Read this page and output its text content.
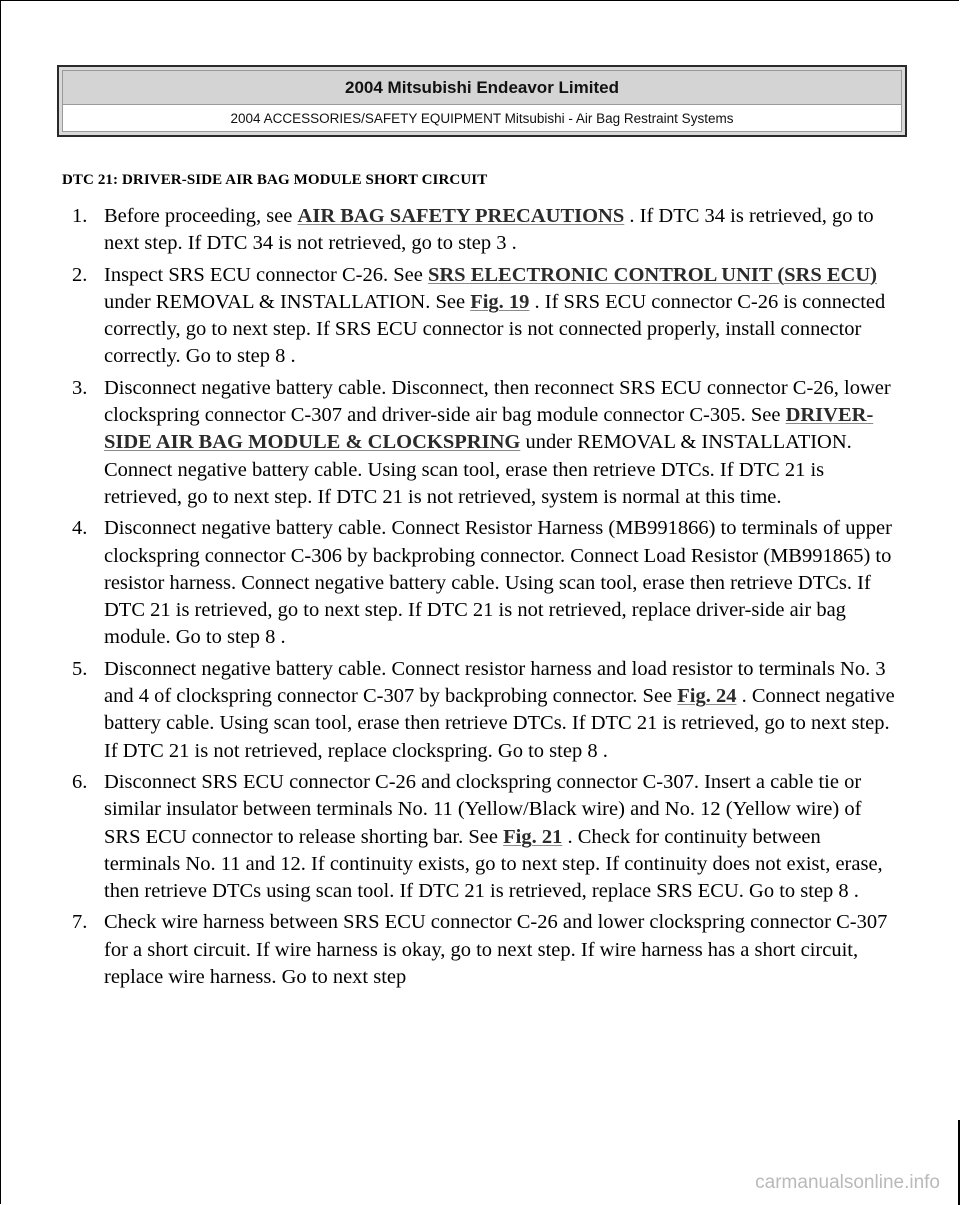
2004 Mitsubishi Endeavor Limited
2004 ACCESSORIES/SAFETY EQUIPMENT Mitsubishi - Air Bag Restraint Systems
DTC 21: DRIVER-SIDE AIR BAG MODULE SHORT CIRCUIT
1. Before proceeding, see AIR BAG SAFETY PRECAUTIONS . If DTC 34 is retrieved, go to next step. If DTC 34 is not retrieved, go to step 3 .
2. Inspect SRS ECU connector C-26. See SRS ELECTRONIC CONTROL UNIT (SRS ECU) under REMOVAL & INSTALLATION. See Fig. 19 . If SRS ECU connector C-26 is connected correctly, go to next step. If SRS ECU connector is not connected properly, install connector correctly. Go to step 8 .
3. Disconnect negative battery cable. Disconnect, then reconnect SRS ECU connector C-26, lower clockspring connector C-307 and driver-side air bag module connector C-305. See DRIVER-SIDE AIR BAG MODULE & CLOCKSPRING under REMOVAL & INSTALLATION. Connect negative battery cable. Using scan tool, erase then retrieve DTCs. If DTC 21 is retrieved, go to next step. If DTC 21 is not retrieved, system is normal at this time.
4. Disconnect negative battery cable. Connect Resistor Harness (MB991866) to terminals of upper clockspring connector C-306 by backprobing connector. Connect Load Resistor (MB991865) to resistor harness. Connect negative battery cable. Using scan tool, erase then retrieve DTCs. If DTC 21 is retrieved, go to next step. If DTC 21 is not retrieved, replace driver-side air bag module. Go to step 8 .
5. Disconnect negative battery cable. Connect resistor harness and load resistor to terminals No. 3 and 4 of clockspring connector C-307 by backprobing connector. See Fig. 24 . Connect negative battery cable. Using scan tool, erase then retrieve DTCs. If DTC 21 is retrieved, go to next step. If DTC 21 is not retrieved, replace clockspring. Go to step 8 .
6. Disconnect SRS ECU connector C-26 and clockspring connector C-307. Insert a cable tie or similar insulator between terminals No. 11 (Yellow/Black wire) and No. 12 (Yellow wire) of SRS ECU connector to release shorting bar. See Fig. 21 . Check for continuity between terminals No. 11 and 12. If continuity exists, go to next step. If continuity does not exist, erase, then retrieve DTCs using scan tool. If DTC 21 is retrieved, replace SRS ECU. Go to step 8 .
7. Check wire harness between SRS ECU connector C-26 and lower clockspring connector C-307 for a short circuit. If wire harness is okay, go to next step. If wire harness has a short circuit, replace wire harness. Go to next step
carmanualsonline.info
